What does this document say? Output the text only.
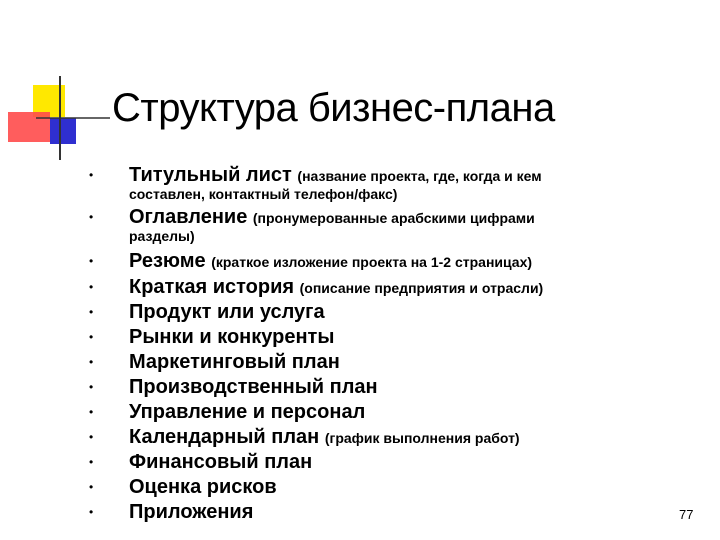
Структура бизнес-плана
• Титульный лист (название проекта, где, когда и кем
составлен, контактный телефон/факс)
• Оглавление (пронумерованные арабскими цифрами
разделы)
• Резюме (краткое изложение проекта на 1-2 страницах)
• Краткая история (описание предприятия и отрасли)
• Продукт или услуга
• Рынки и конкуренты
• Маркетинговый план
• Производственный план
• Управление и персонал
• Календарный план (график выполнения работ)
• Финансовый план
• Оценка рисков
• Приложения	77
